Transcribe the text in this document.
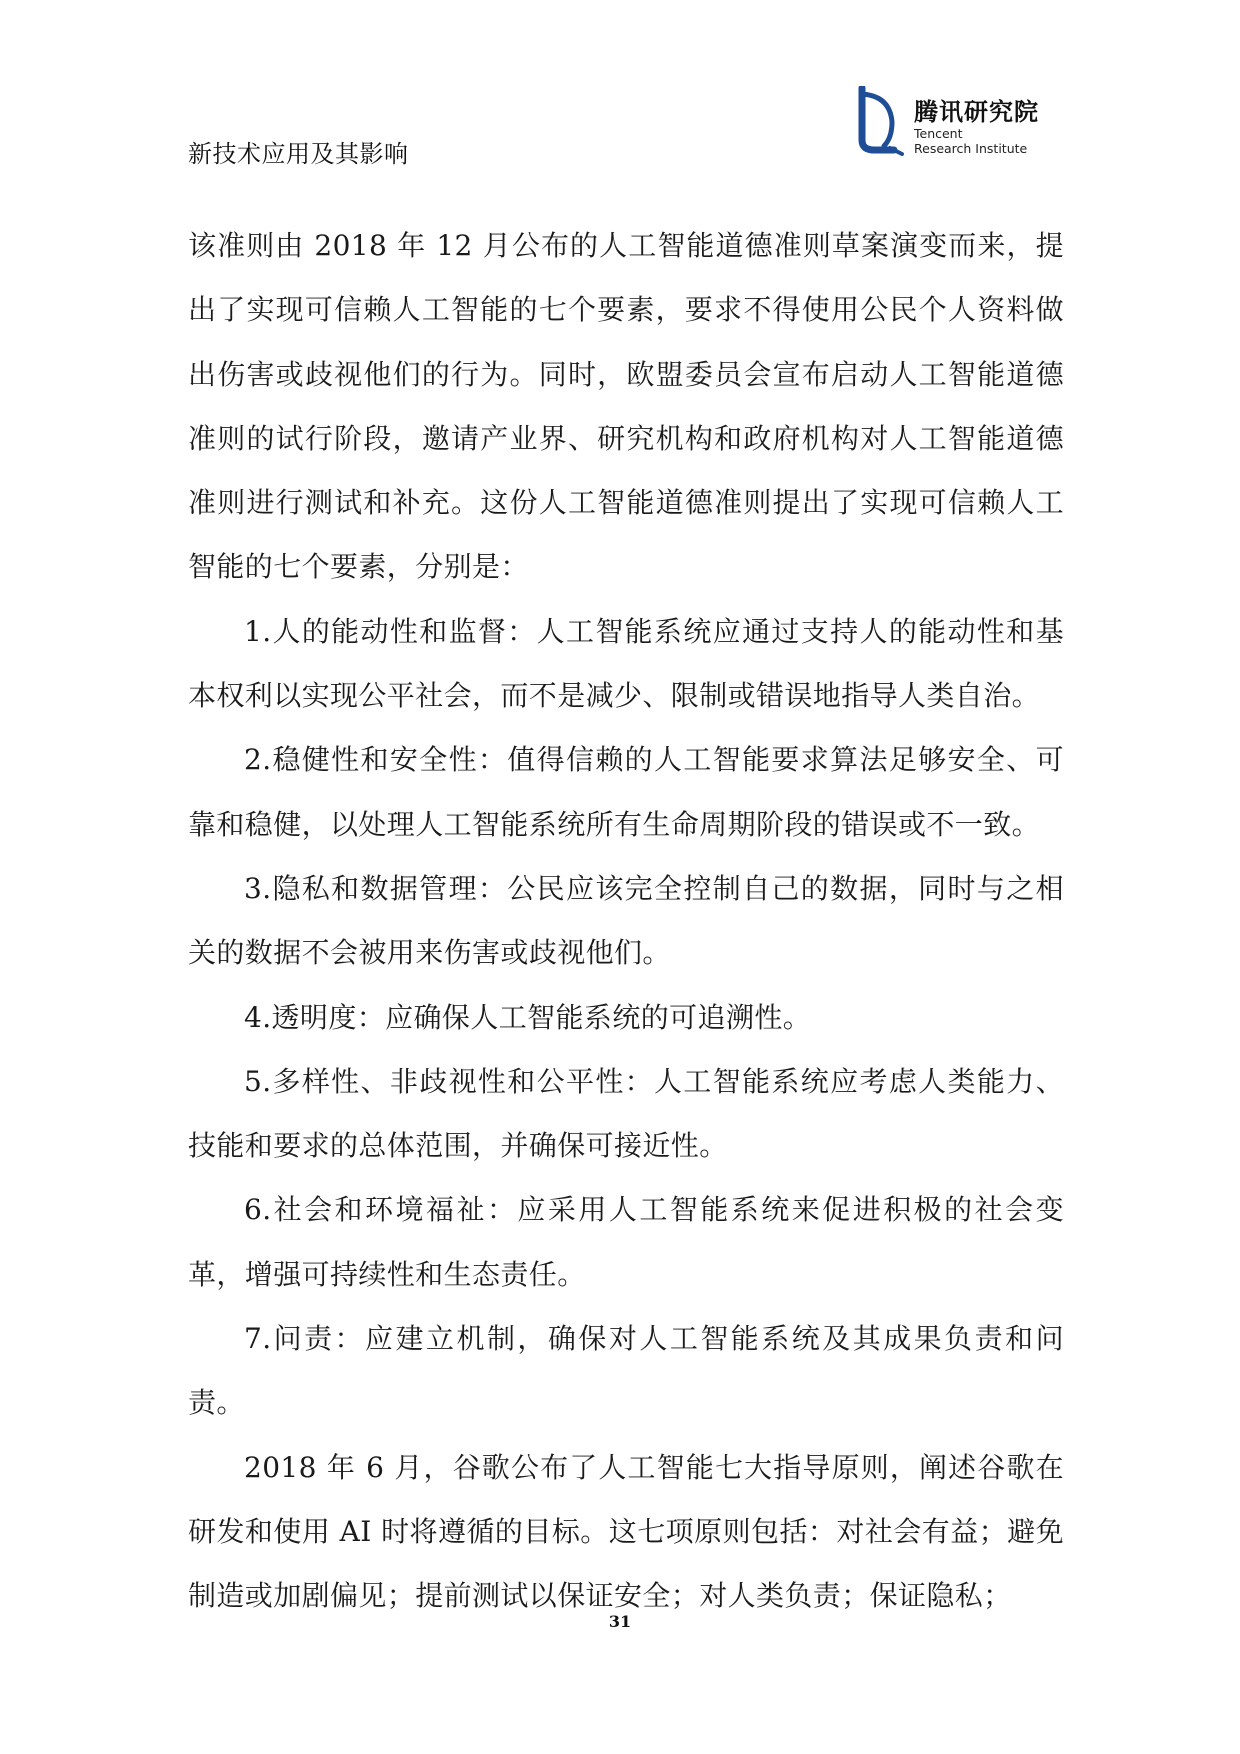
新技术应用及其影响
腾讯研究院
Tencent
Research Institute

该准则由 2018 年 12 月公布的人工智能道德准则草案演变而来，提出了实现可信赖人工智能的七个要素，要求不得使用公民个人资料做出伤害或歧视他们的行为。同时，欧盟委员会宣布启动人工智能道德准则的试行阶段，邀请产业界、研究机构和政府机构对人工智能道德准则进行测试和补充。这份人工智能道德准则提出了实现可信赖人工智能的七个要素，分别是：

1.人的能动性和监督：人工智能系统应通过支持人的能动性和基本权利以实现公平社会，而不是减少、限制或错误地指导人类自治。

2.稳健性和安全性：值得信赖的人工智能要求算法足够安全、可靠和稳健，以处理人工智能系统所有生命周期阶段的错误或不一致。

3.隐私和数据管理：公民应该完全控制自己的数据，同时与之相关的数据不会被用来伤害或歧视他们。

4.透明度：应确保人工智能系统的可追溯性。

5.多样性、非歧视性和公平性：人工智能系统应考虑人类能力、技能和要求的总体范围，并确保可接近性。

6.社会和环境福祉：应采用人工智能系统来促进积极的社会变革，增强可持续性和生态责任。

7.问责：应建立机制，确保对人工智能系统及其成果负责和问责。

2018 年 6 月，谷歌公布了人工智能七大指导原则，阐述谷歌在研发和使用 AI 时将遵循的目标。这七项原则包括：对社会有益；避免制造或加剧偏见；提前测试以保证安全；对人类负责；保证隐私；

31
